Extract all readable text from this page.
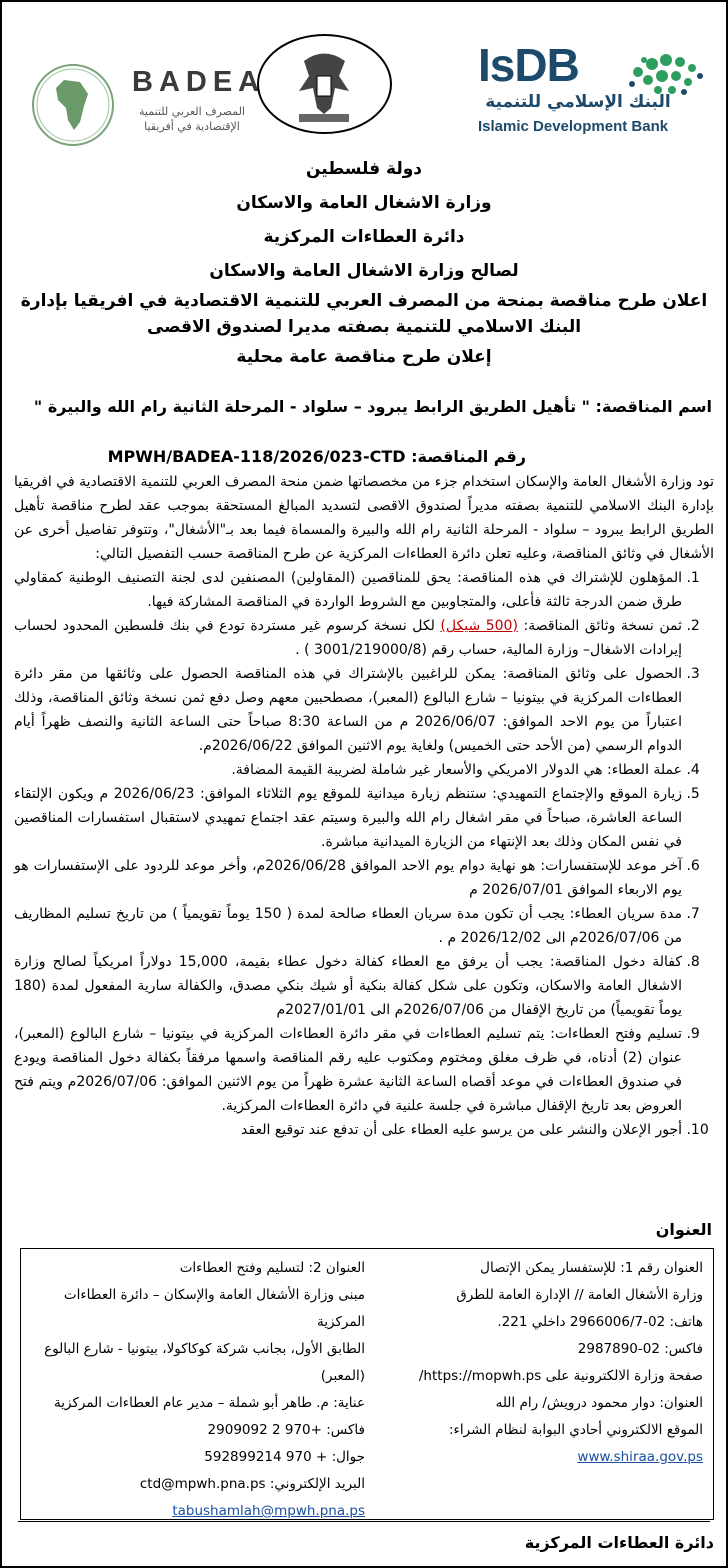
BADEA
المصرف العربي للتنمية الإقتصادية في أفريقيا
IsDB
البنك الإسلامي للتنمية
Islamic Development Bank
دولة فلسطين
وزارة الاشغال العامة والاسكان
دائرة العطاءات المركزية
لصالح وزارة الاشغال العامة والاسكان
اعلان طرح مناقصة بمنحة من المصرف العربي للتنمية الاقتصادية في افريقيا بإدارة البنك الاسلامي للتنمية بصفته مديرا لصندوق الاقصى
إعلان طرح مناقصة عامة محلية
اسم المناقصة: " تأهيل الطريق الرابط يبرود – سلواد - المرحلة الثانية رام الله والبيرة "
رقم المناقصة: MPWH/BADEA-118/2026/023-CTD

تود وزارة الأشغال العامة والإسكان استخدام جزء من مخصصاتها ضمن منحة المصرف العربي للتنمية الاقتصادية في افريقيا بإدارة البنك الاسلامي للتنمية بصفته مديراً لصندوق الاقصى لتسديد المبالغ المستحقة بموجب عقد لطرح مناقصة تأهيل الطريق الرابط يبرود – سلواد - المرحلة الثانية رام الله والبيرة والمسماة فيما بعد بـ"الأشغال"، وتتوفر تفاصيل أخرى عن الأشغال في وثائق المناقصة، وعليه تعلن دائرة العطاءات المركزية عن طرح المناقصة حسب التفصيل التالي:

1. المؤهلون للإشتراك في هذه المناقصة: يحق للمناقصين (المقاولين) المصنفين لدى لجنة التصنيف الوطنية كمقاولي طرق ضمن الدرجة ثالثة فأعلى، والمتجاوبين مع الشروط الواردة في المناقصة المشاركة فيها.
2. ثمن نسخة وثائق المناقصة: (500 شيكل) لكل نسخة كرسوم غير مستردة تودع في بنك فلسطين المحدود لحساب إيرادات الاشغال– وزارة المالية، حساب رقم (3001/219000/8 ) .
3. الحصول على وثائق المناقصة: يمكن للراغبين بالإشتراك في هذه المناقصة الحصول على وثائقها من مقر دائرة العطاءات المركزية في بيتونيا – شارع البالوع (المعبر)، مصطحبين معهم وصل دفع ثمن نسخة وثائق المناقصة، وذلك اعتباراً من يوم الاحد الموافق: 2026/06/07 م من الساعة 8:30 صباحاً حتى الساعة الثانية والنصف ظهراً أيام الدوام الرسمي (من الأحد حتى الخميس) ولغاية يوم الاثنين الموافق 2026/06/22م.
4. عملة العطاء: هي الدولار الامريكي والأسعار غير شاملة لضريبة القيمة المضافة.
5. زيارة الموقع والإجتماع التمهيدي: ستنظم زيارة ميدانية للموقع يوم الثلاثاء الموافق: 2026/06/23 م ويكون الإلتقاء الساعة العاشرة، صباحاً في مقر اشغال رام الله والبيرة وسيتم عقد اجتماع تمهيدي لاستقبال استفسارات المناقصين في نفس المكان وذلك بعد الإنتهاء من الزيارة الميدانية مباشرة.
6. آخر موعد للإستفسارات: هو نهاية دوام يوم الاحد الموافق 2026/06/28م، وأخر موعد للردود على الإستفسارات هو يوم الاربعاء الموافق 2026/07/01 م
7. مدة سريان العطاء: يجب أن تكون مدة سريان العطاء صالحة لمدة ( 150 يوماً تقويمياً ) من تاريخ تسليم المظاريف من 2026/07/06م الى 2026/12/02 م .
8. كفالة دخول المناقصة: يجب أن يرفق مع العطاء كفالة دخول عطاء بقيمة، 15,000 دولاراً امريكياً لصالح وزارة الاشغال العامة والاسكان، وتكون على شكل كفالة بنكية أو شيك بنكي مصدق، والكفالة سارية المفعول لمدة (180 يوماً تقويمياً) من تاريخ الإقفال من 2026/07/06م الى 2027/01/01م
9. تسليم وفتح العطاءات: يتم تسليم العطاءات في مقر دائرة العطاءات المركزية في بيتونيا – شارع البالوع (المعبر)، عنوان (2) أدناه، في ظرف مغلق ومختوم ومكتوب عليه رقم المناقصة واسمها مرفقاً بكفالة دخول المناقصة ويودع في صندوق العطاءات في موعد أقصاه الساعة الثانية عشرة ظهراً من يوم الاثنين الموافق: 2026/07/06م ويتم فتح العروض بعد تاريخ الإقفال مباشرة في جلسة علنية في دائرة العطاءات المركزية.
10. أجور الإعلان والنشر على من يرسو عليه العطاء على أن تدفع عند توقيع العقد
العنوان
العنوان رقم 1: للإستفسار يمكن الإتصال
وزارة الأشغال العامة // الإدارة العامة للطرق
هاتف: 02-2966006/7 داخلي 221.
فاكس: 02-2987890
صفحة وزارة الالكترونية على https://mopwh.ps/
العنوان: دوار محمود درويش/ رام الله
الموقع الالكتروني أحادي البوابة لنظام الشراء:
www.shiraa.gov.ps
العنوان 2: لتسليم وفتح العطاءات
مبنى وزارة الأشغال العامة والإسكان – دائرة العطاءات المركزية
الطابق الأول، بجانب شركة كوكاكولا، بيتونيا - شارع البالوع
(المعبر)
عناية: م. طاهر أبو شملة – مدير عام العطاءات المركزية
فاكس: +970 2 2909092
جوال: + 970 592899214
البريد الإلكتروني: ctd@mpwh.pna.ps
tabushamlah@mpwh.pna.ps
دائرة العطاءات المركزية
